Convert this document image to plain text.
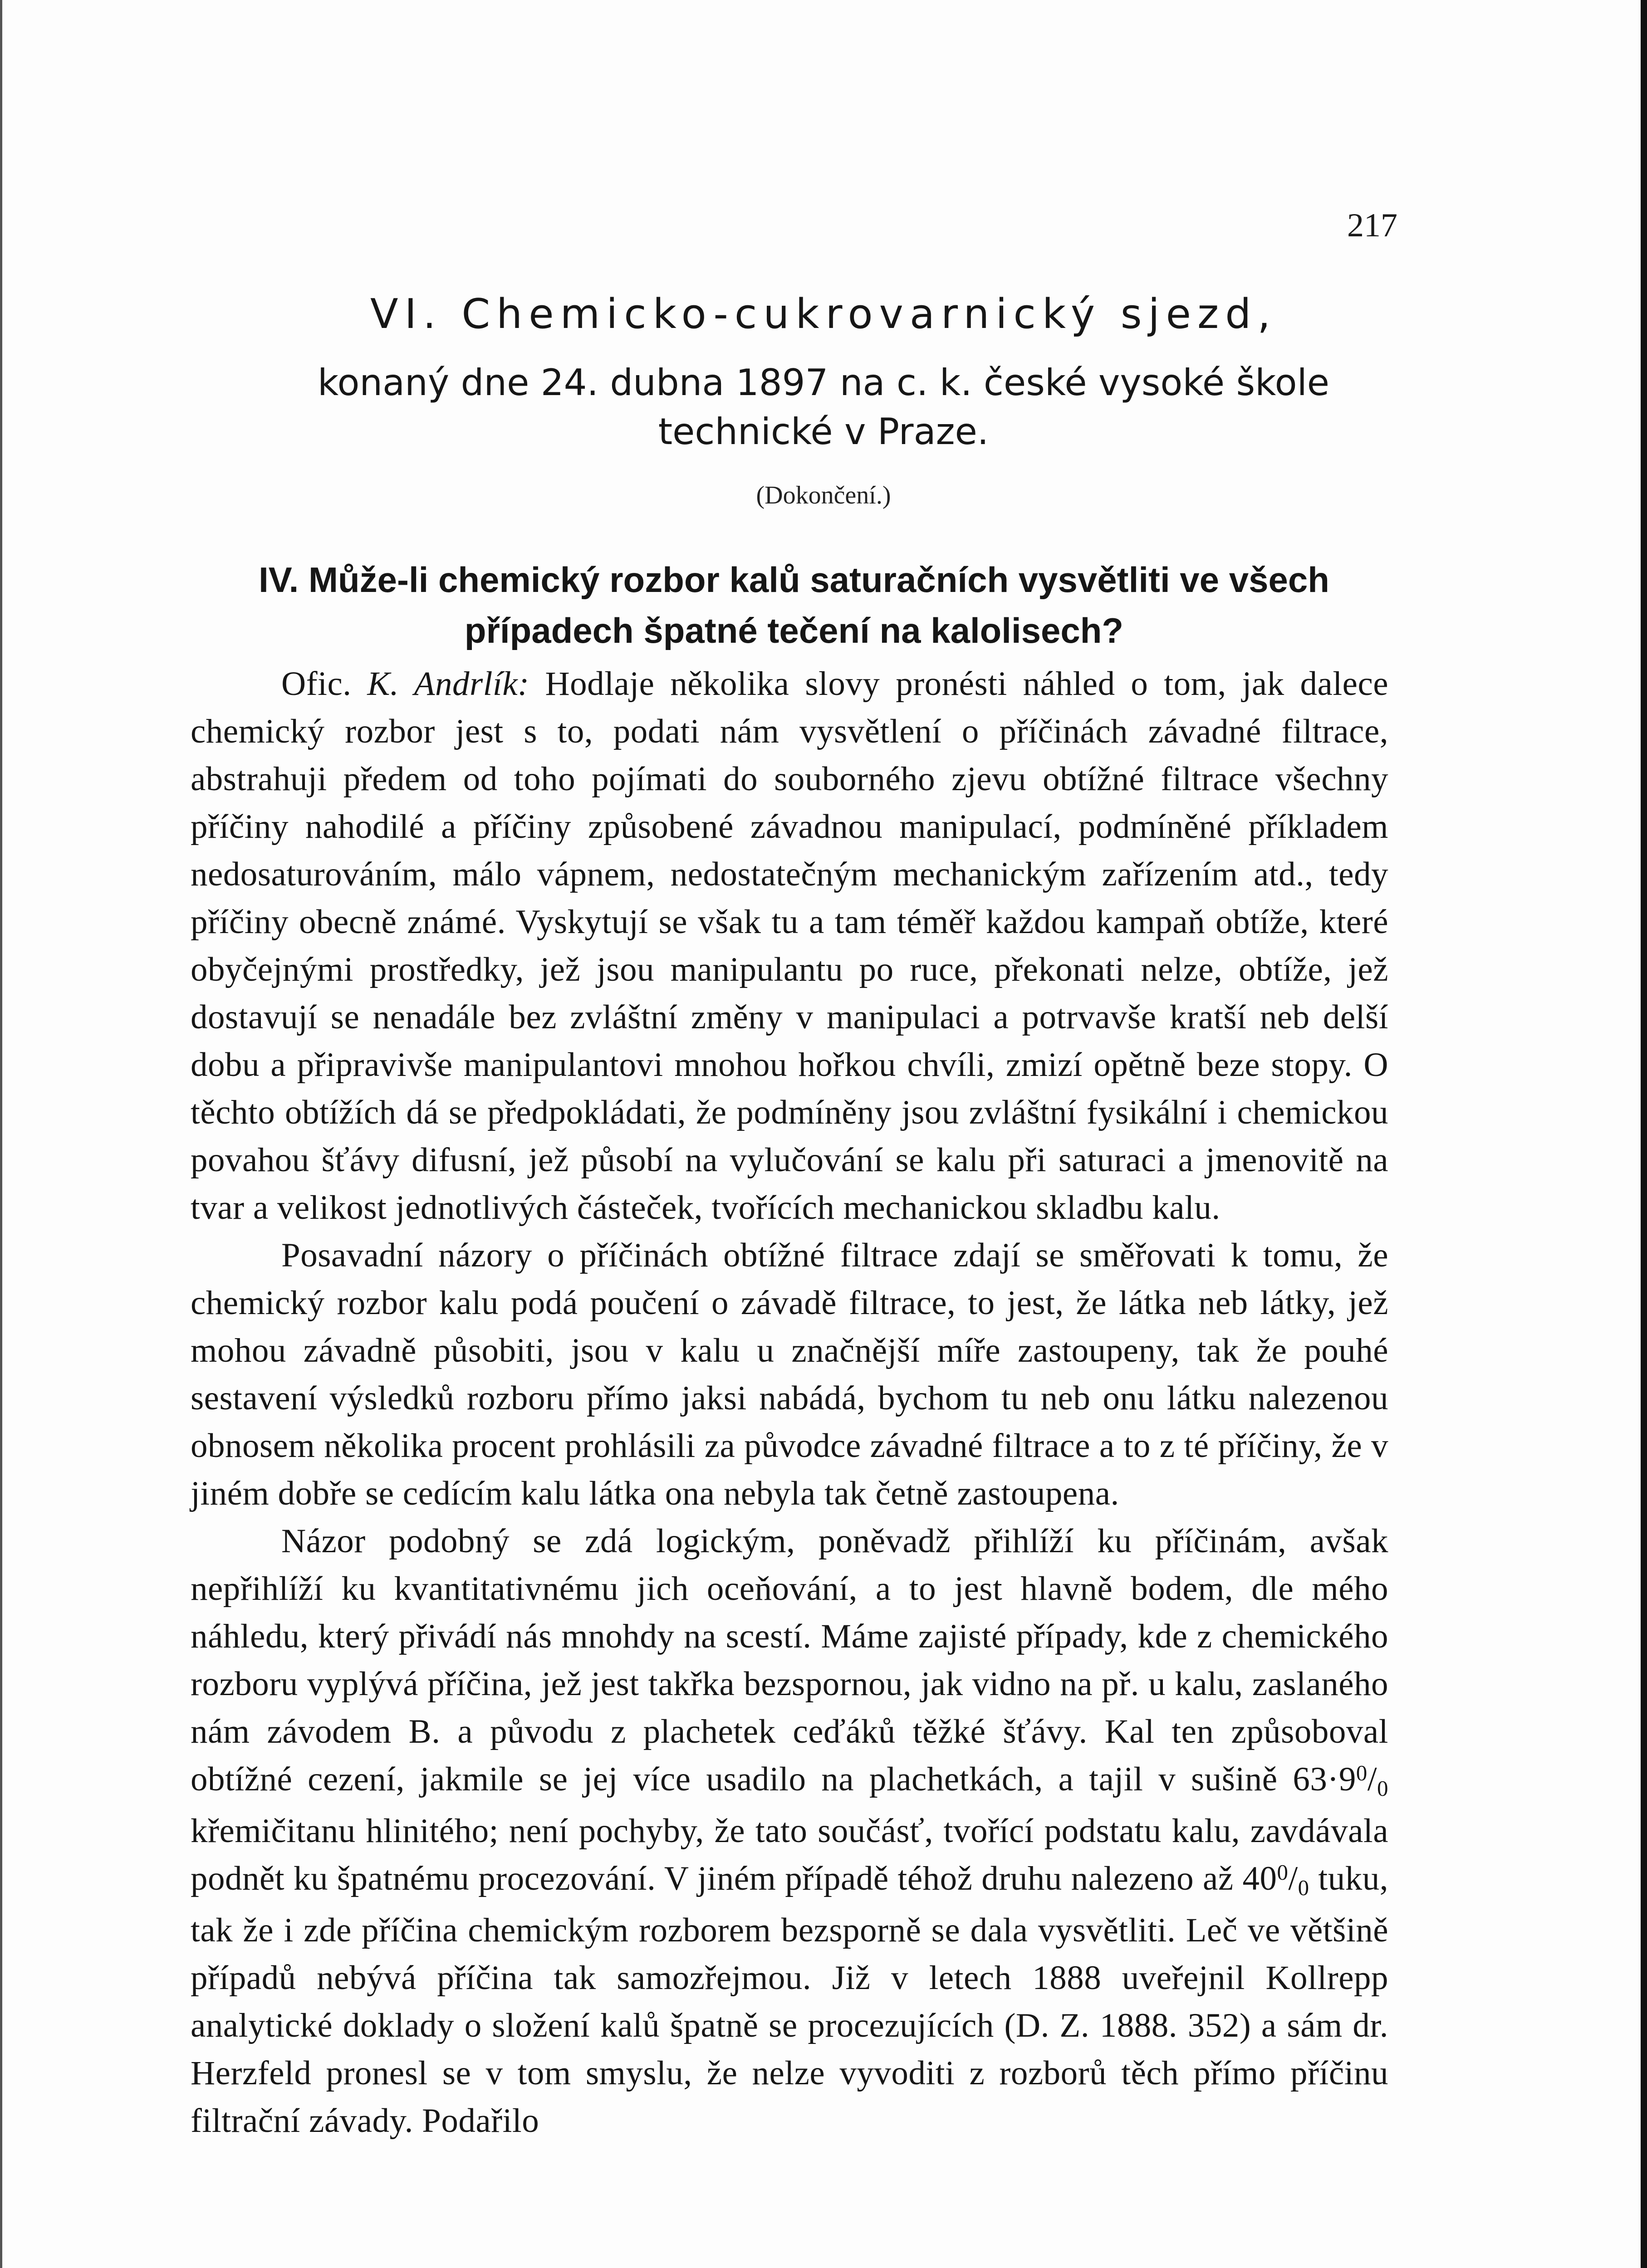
217
VI. Chemicko-cukrovarnický sjezd,
konaný dne 24. dubna 1897 na c. k. české vysoké škole
technické v Praze.
(Dokončení.)
IV. Může-li chemický rozbor kalů saturačních vysvětliti ve všech
případech špatné tečení na kalolisech?

Ofic. K. Andrlík: Hodlaje několika slovy pronésti náhled o tom, jak dalece chemický rozbor jest s to, podati nám vysvětlení o příčinách závadné filtrace, abstrahuji předem od toho pojímati do souborného zjevu obtížné filtrace všechny příčiny nahodilé a příčiny způsobené závadnou manipulací, podmíněné příkladem nedosaturováním, málo vápnem, nedostatečným mechanickým zařízením atd., tedy příčiny obecně známé. Vyskytují se však tu a tam téměř každou kampaň obtíže, které obyčejnými prostředky, jež jsou manipulantu po ruce, překonati nelze, obtíže, jež dostavují se nenadále bez zvláštní změny v manipulaci a potrvavše kratší neb delší dobu a připravivše manipulantovi mnohou hořkou chvíli, zmizí opětně beze stopy. O těchto obtížích dá se předpokládati, že podmíněny jsou zvláštní fysikální i chemickou povahou šťávy difusní, jež působí na vylučování se kalu při saturaci a jmenovitě na tvar a velikost jednotlivých částeček, tvořících mechanickou skladbu kalu.

Posavadní názory o příčinách obtížné filtrace zdají se směřovati k tomu, že chemický rozbor kalu podá poučení o závadě filtrace, to jest, že látka neb látky, jež mohou závadně působiti, jsou v kalu u značnější míře zastoupeny, tak že pouhé sestavení výsledků rozboru přímo jaksi nabádá, bychom tu neb onu látku nalezenou obnosem několika procent prohlásili za původce závadné filtrace a to z té příčiny, že v jiném dobře se cedícím kalu látka ona nebyla tak četně zastoupena.

Názor podobný se zdá logickým, poněvadž přihlíží ku příčinám, avšak nepřihlíží ku kvantitativnému jich oceňování, a to jest hlavně bodem, dle mého náhledu, který přivádí nás mnohdy na scestí. Máme zajisté případy, kde z chemického rozboru vyplývá příčina, jež jest takřka bezspornou, jak vidno na př. u kalu, zaslaného nám závodem B. a původu z plachetek ceďáků těžké šťávy. Kal ten způsoboval obtížné cezení, jakmile se jej více usadilo na plachetkách, a tajil v sušině $63\cdot 9^0/_0$ křemičitanu hlinitého; není pochyby, že tato součásť, tvořící podstatu kalu, zavdávala podnět ku špatnému procezování. V jiném případě téhož druhu nalezeno až $40^0/_0$ tuku, tak že i zde příčina chemickým rozborem bezsporně se dala vysvětliti. Leč ve většině případů nebývá příčina tak samozřejmou. Již v letech 1888 uveřejnil Kollrepp analytické doklady o složení kalů špatně se procezujících (D. Z. 1888. 352) a sám dr. Herzfeld pronesl se v tom smyslu, že nelze vyvoditi z rozborů těch přímo příčinu filtrační závady. Podařilo
